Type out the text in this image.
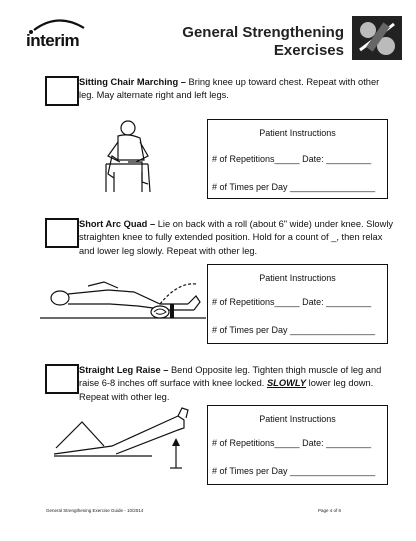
interim	General Strengthening
Exercises
Sitting Chair Marching – Bring knee up toward chest. Repeat with other leg. May alternate right and left legs.
Patient Instructions
# of Repetitions_____ Date: _________
# of Times per Day _________________
Short Arc Quad – Lie on back with a roll (about 6" wide) under knee. Slowly straighten knee to fully extended position. Hold for a count of _, then relax and lower leg slowly. Repeat with other leg.
Patient Instructions
# of Repetitions_____ Date: _________
# of Times per Day _________________
Straight Leg Raise – Bend Opposite leg. Tighten thigh muscle of leg and raise 6-8 inches off surface with knee locked. SLOWLY lower leg down. Repeat with other leg.
Patient Instructions
# of Repetitions_____ Date: _________
# of Times per Day _________________
General Strengthening Exercise Guide - 10/2014	Page 4 of 6
